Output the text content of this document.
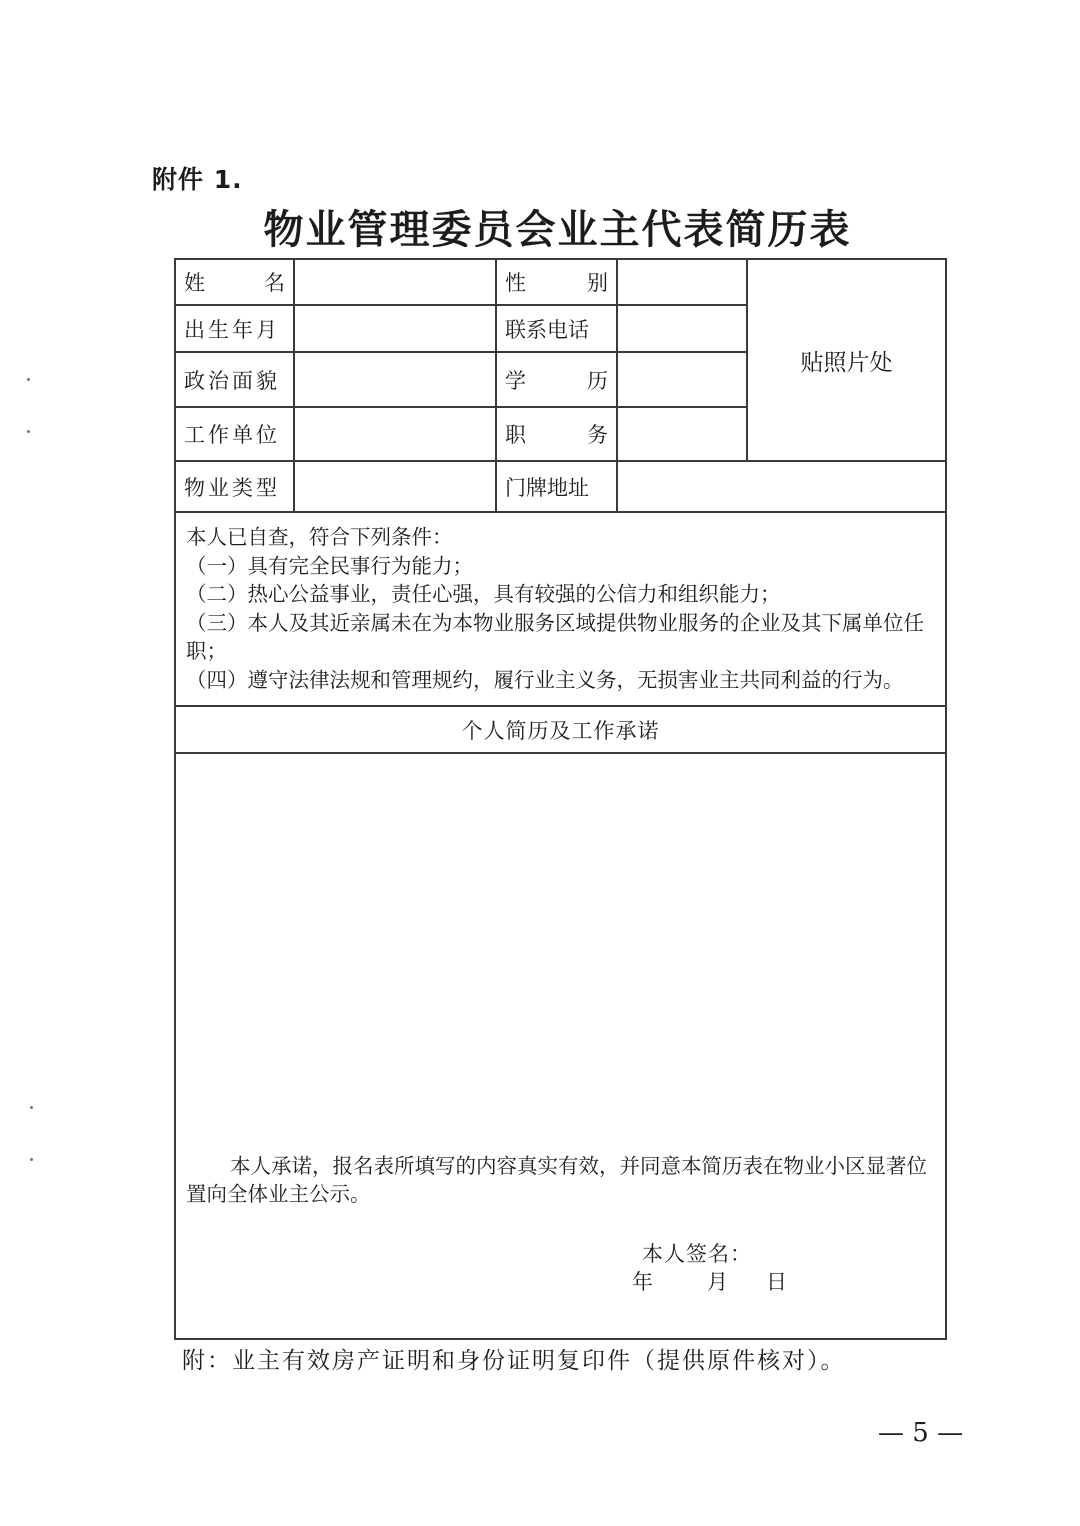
附件 1.
物业管理委员会业主代表简历表
姓 名		性 别		贴照片处
出生年月		联系电话		
政治面貌		学 历		

工作单位		职 务		

物业类型		门牌地址		

本人已自查，符合下列条件：
（一）具有完全民事行为能力；
（二）热心公益事业，责任心强，具有较强的公信力和组织能力；
（三）本人及其近亲属未在为本物业服务区域提供物业服务的企业及其下属单位任职；
（四）遵守法律法规和管理规约，履行业主义务，无损害业主共同利益的行为。				

个人简历及工作承诺				

本人承诺，报名表所填写的内容真实有效，并同意本简历表在物业小区显著位置向全体业主公示。
本人签名：
年 月 日				
附：业主有效房产证明和身份证明复印件（提供原件核对）。
— 5 —
